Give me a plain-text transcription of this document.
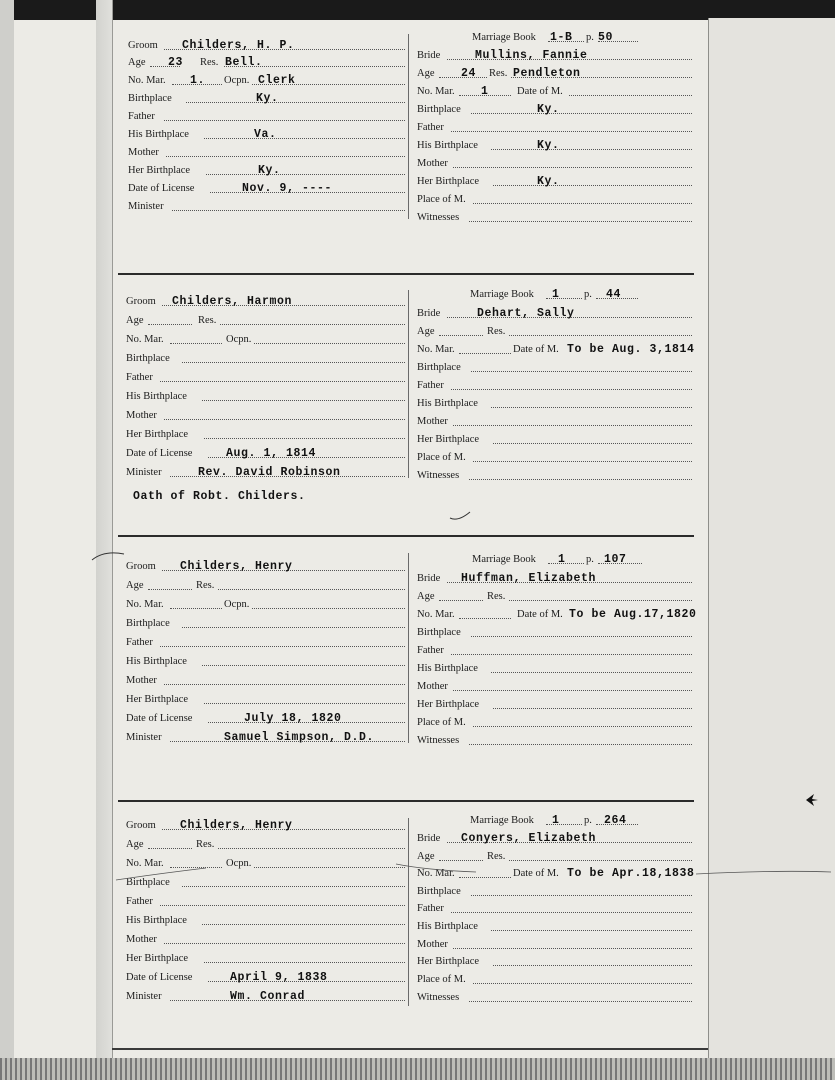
Groom Childers, H. P.
Age 23 Res. Bell.
No. Mar. 1. Ocpn. Clerk
Birthplace	Ky.
Father
His Birthplace	Va.
Mother
Her Birthplace	Ky.
Date of License	Nov. 9, ----
Minister
Marriage Book 1-B p. 50
Bride	Mullins, Fannie
Age 24 Res. Pendleton
No. Mar. 1	Date of M.
Birthplace	Ky.
Father
His Birthplace	Ky.
Mother
Her Birthplace	Ky.
Place of M.
Witnesses
Groom Childers, Harmon
Age	Res.
No. Mar.	Ocpn.
Birthplace
Father
His Birthplace
Mother
Her Birthplace
Date of License	Aug. 1, 1814
Minister	Rev. David Robinson
Oath of Robt. Childers.
Marriage Book 1 p. 44
Bride	Dehart, Sally
Age	Res.
No. Mar.	Date of M. To be Aug. 3,1814
Birthplace
Father
His Birthplace
Mother
Her Birthplace
Place of M.
Witnesses
Groom Childers, Henry
Age	Res.
No. Mar.	Ocpn.
Birthplace
Father
His Birthplace
Mother
Her Birthplace
Date of License	July 18, 1820
Minister	Samuel Simpson, D.D.
Marriage Book 1 p. 107
Bride Huffman, Elizabeth
Age	Res.
No. Mar.	Date of M. To be Aug.17,1820
Birthplace
Father
His Birthplace
Mother
Her Birthplace
Place of M.
Witnesses
Groom Childers, Henry
Age	Res.
No. Mar.	Ocpn.
Birthplace
Father
His Birthplace
Mother
Her Birthplace
Date of License	April 9, 1838
Minister	Wm. Conrad
Marriage Book 1 p. 264
Bride Conyers, Elizabeth
Age	Res.
No. Mar.	Date of M. To be Apr.18,1838
Birthplace
Father
His Birthplace
Mother
Her Birthplace
Place of M.
Witnesses
